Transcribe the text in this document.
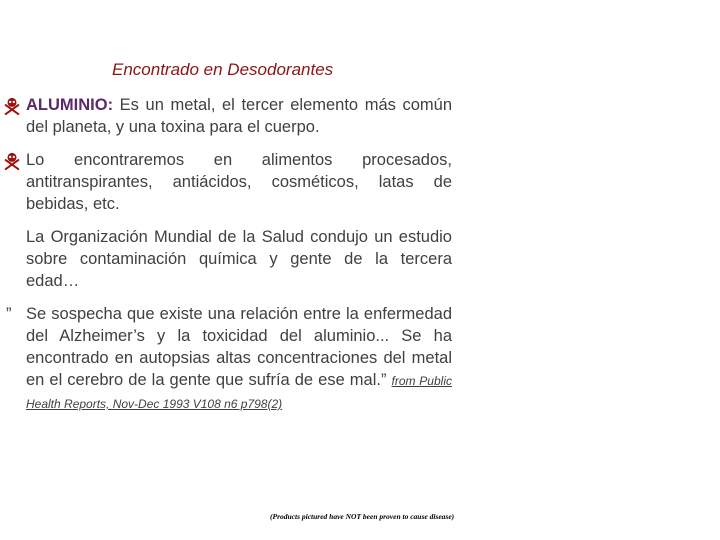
Encontrado en Desodorantes
ALUMINIO: Es un metal, el tercer elemento más común del planeta, y una toxina para el cuerpo.
Lo encontraremos en alimentos procesados, antitranspirantes, antiácidos, cosméticos, latas de bebidas, etc.
La Organización Mundial de la Salud condujo un estudio sobre contaminación química y gente de la tercera edad…
” Se sospecha que existe una relación entre la enfermedad del Alzheimer’s y la toxicidad del aluminio... Se ha encontrado en autopsias altas concentraciones del metal en el cerebro de la gente que sufría de ese mal.” from Public Health Reports, Nov-Dec 1993 V108 n6 p798(2)
(Products pictured have NOT been proven to cause disease)
